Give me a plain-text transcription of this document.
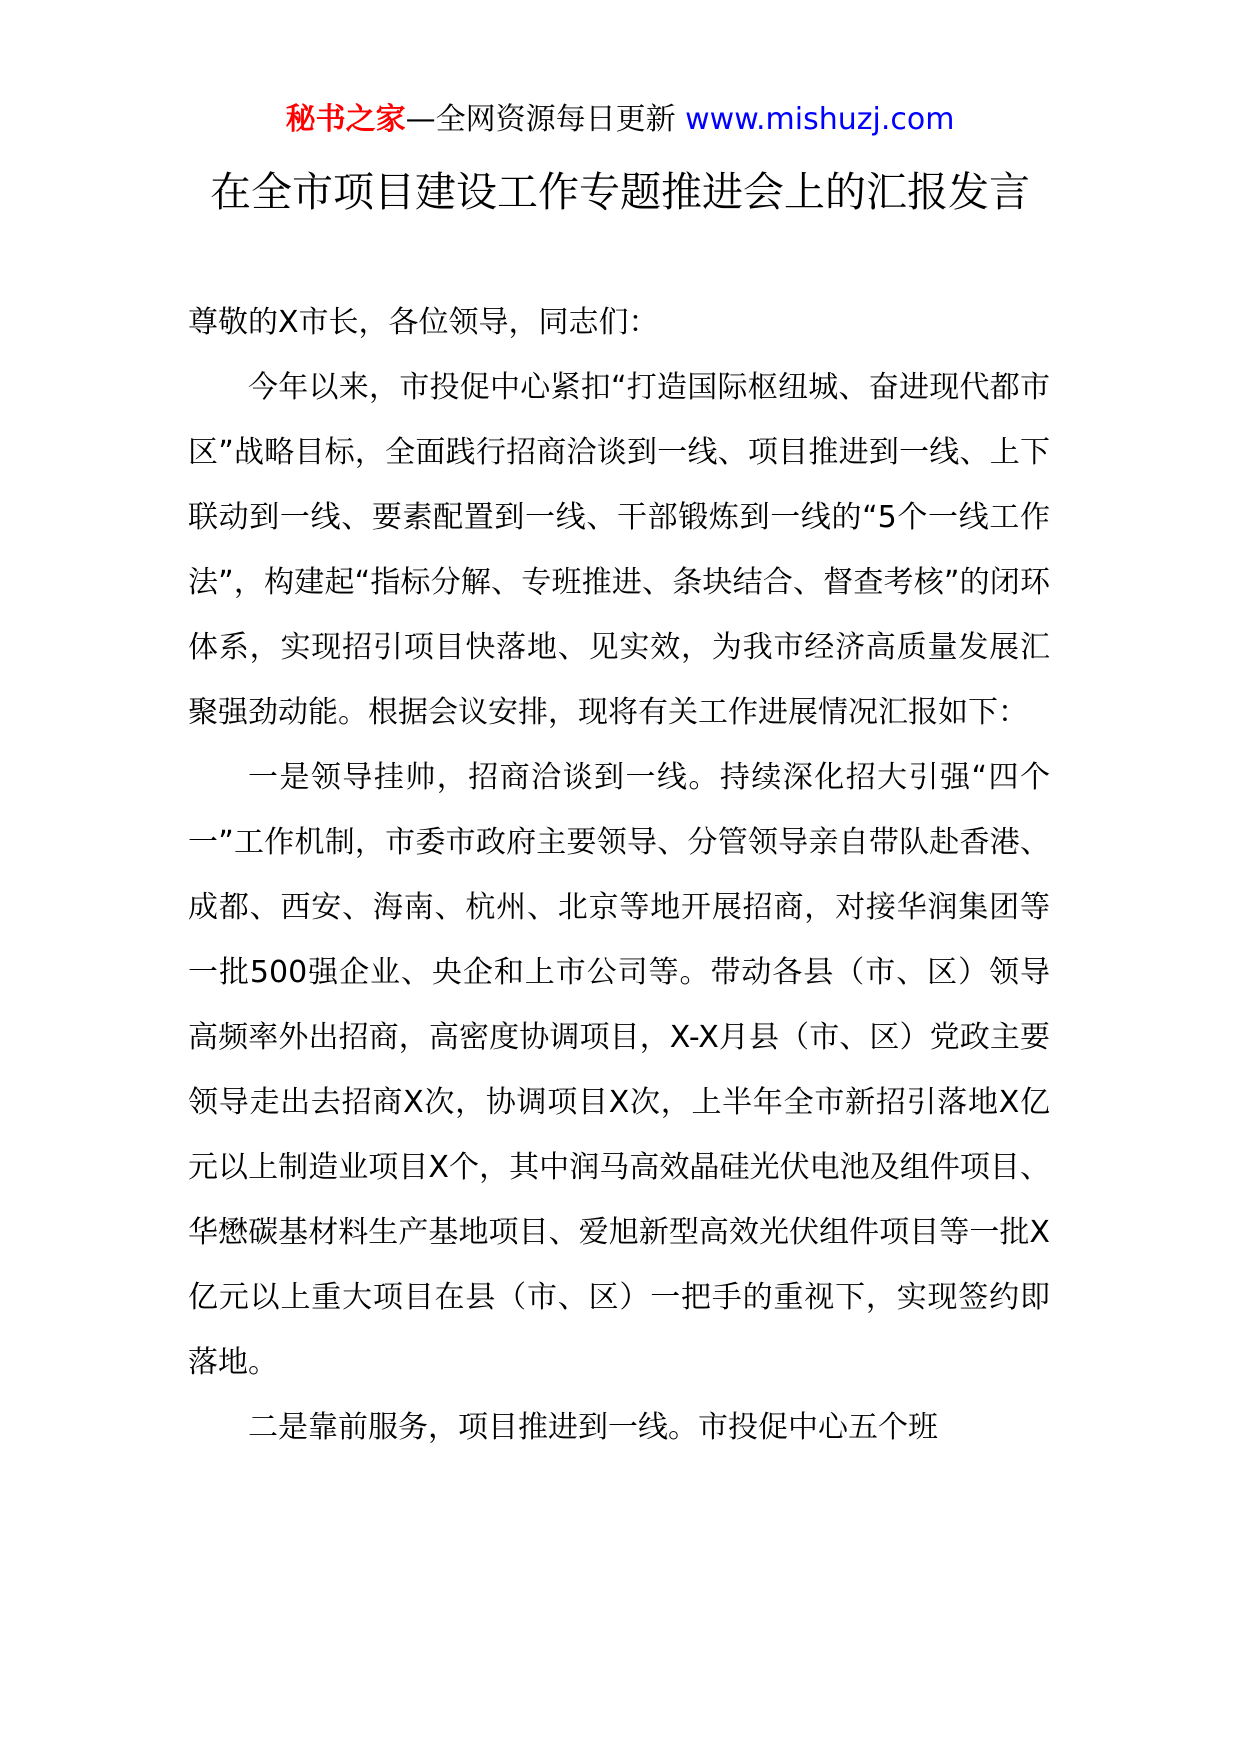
秘书之家—全网资源每日更新 www.mishuzj.com
在全市项目建设工作专题推进会上的汇报发言

尊敬的X市长，各位领导，同志们：

今年以来，市投促中心紧扣“打造国际枢纽城、奋进现代都市区”战略目标，全面践行招商洽谈到一线、项目推进到一线、上下联动到一线、要素配置到一线、干部锻炼到一线的“5个一线工作法”，构建起“指标分解、专班推进、条块结合、督查考核”的闭环体系，实现招引项目快落地、见实效，为我市经济高质量发展汇聚强劲动能。根据会议安排，现将有关工作进展情况汇报如下：

一是领导挂帅，招商洽谈到一线。持续深化招大引强“四个一”工作机制，市委市政府主要领导、分管领导亲自带队赴香港、成都、西安、海南、杭州、北京等地开展招商，对接华润集团等一批500强企业、央企和上市公司等。带动各县（市、区）领导高频率外出招商，高密度协调项目，X-X月县（市、区）党政主要领导走出去招商X次，协调项目X次，上半年全市新招引落地X亿元以上制造业项目X个，其中润马高效晶硅光伏电池及组件项目、华懋碳基材料生产基地项目、爱旭新型高效光伏组件项目等一批X亿元以上重大项目在县（市、区）一把手的重视下，实现签约即落地。

二是靠前服务，项目推进到一线。市投促中心五个班
